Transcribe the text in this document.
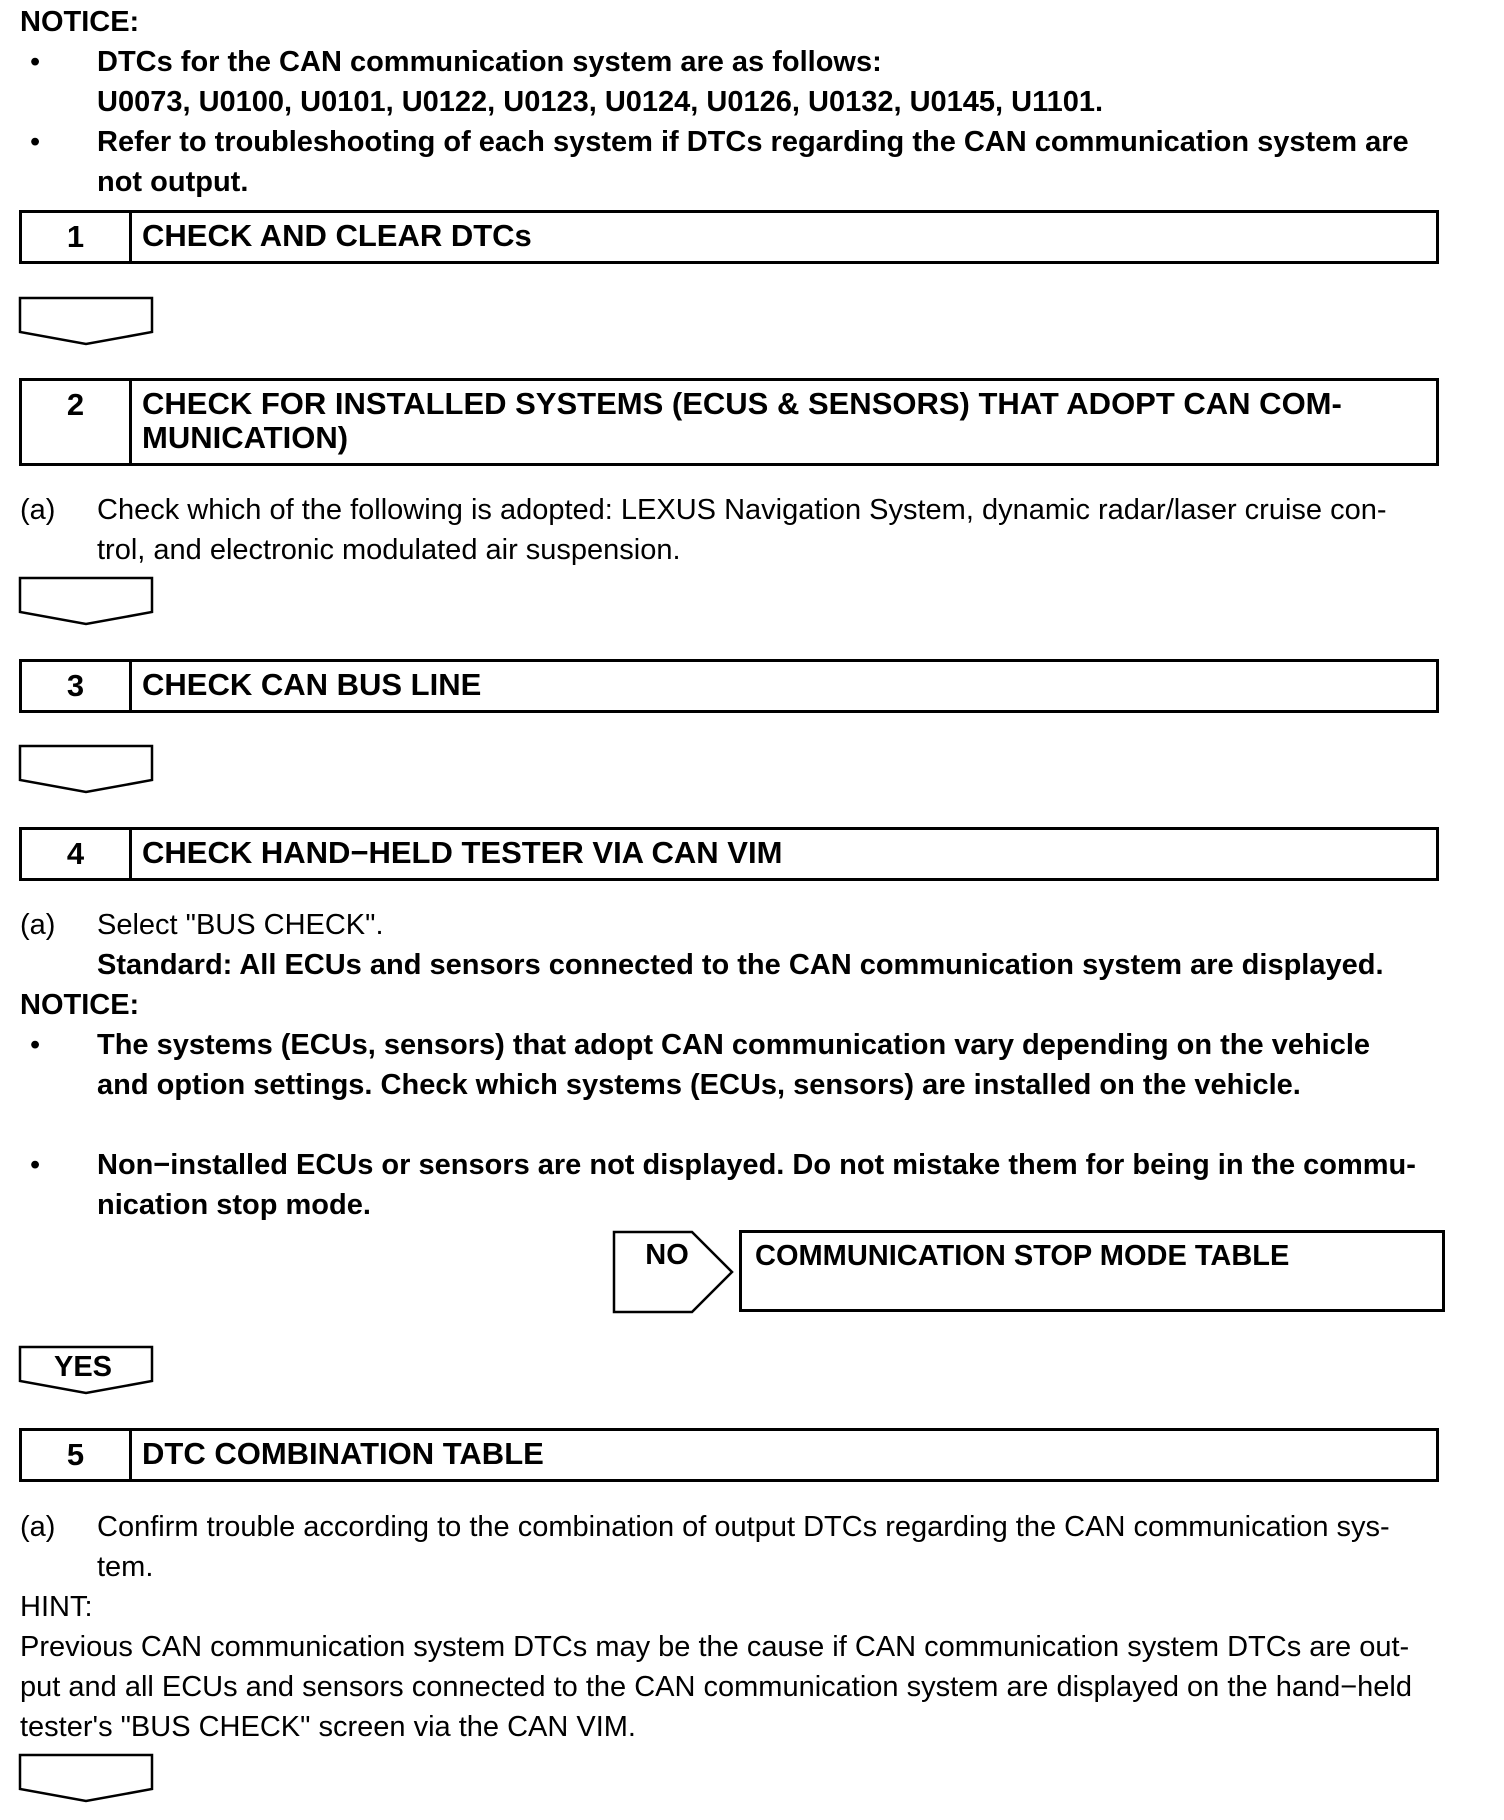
NOTICE:
• DTCs for the CAN communication system are as follows:
U0073, U0100, U0101, U0122, U0123, U0124, U0126, U0132, U0145, U1101.
• Refer to troubleshooting of each system if DTCs regarding the CAN communication system are
not output.
1	CHECK AND CLEAR DTCs
2	CHECK FOR INSTALLED SYSTEMS (ECUS & SENSORS) THAT ADOPT CAN COM-
MUNICATION)
(a) Check which of the following is adopted: LEXUS Navigation System, dynamic radar/laser cruise con-
trol, and electronic modulated air suspension.
3	CHECK CAN BUS LINE
4	CHECK HAND−HELD TESTER VIA CAN VIM
(a) Select "BUS CHECK".
Standard: All ECUs and sensors connected to the CAN communication system are displayed.
NOTICE:
• The systems (ECUs, sensors) that adopt CAN communication vary depending on the vehicle
and option settings. Check which systems (ECUs, sensors) are installed on the vehicle.
• Non−installed ECUs or sensors are not displayed. Do not mistake them for being in the commu-
nication stop mode.
NO	COMMUNICATION STOP MODE TABLE
YES
5	DTC COMBINATION TABLE
(a) Confirm trouble according to the combination of output DTCs regarding the CAN communication sys-
tem.
HINT:
Previous CAN communication system DTCs may be the cause if CAN communication system DTCs are out-
put and all ECUs and sensors connected to the CAN communication system are displayed on the hand−held
tester's "BUS CHECK" screen via the CAN VIM.
